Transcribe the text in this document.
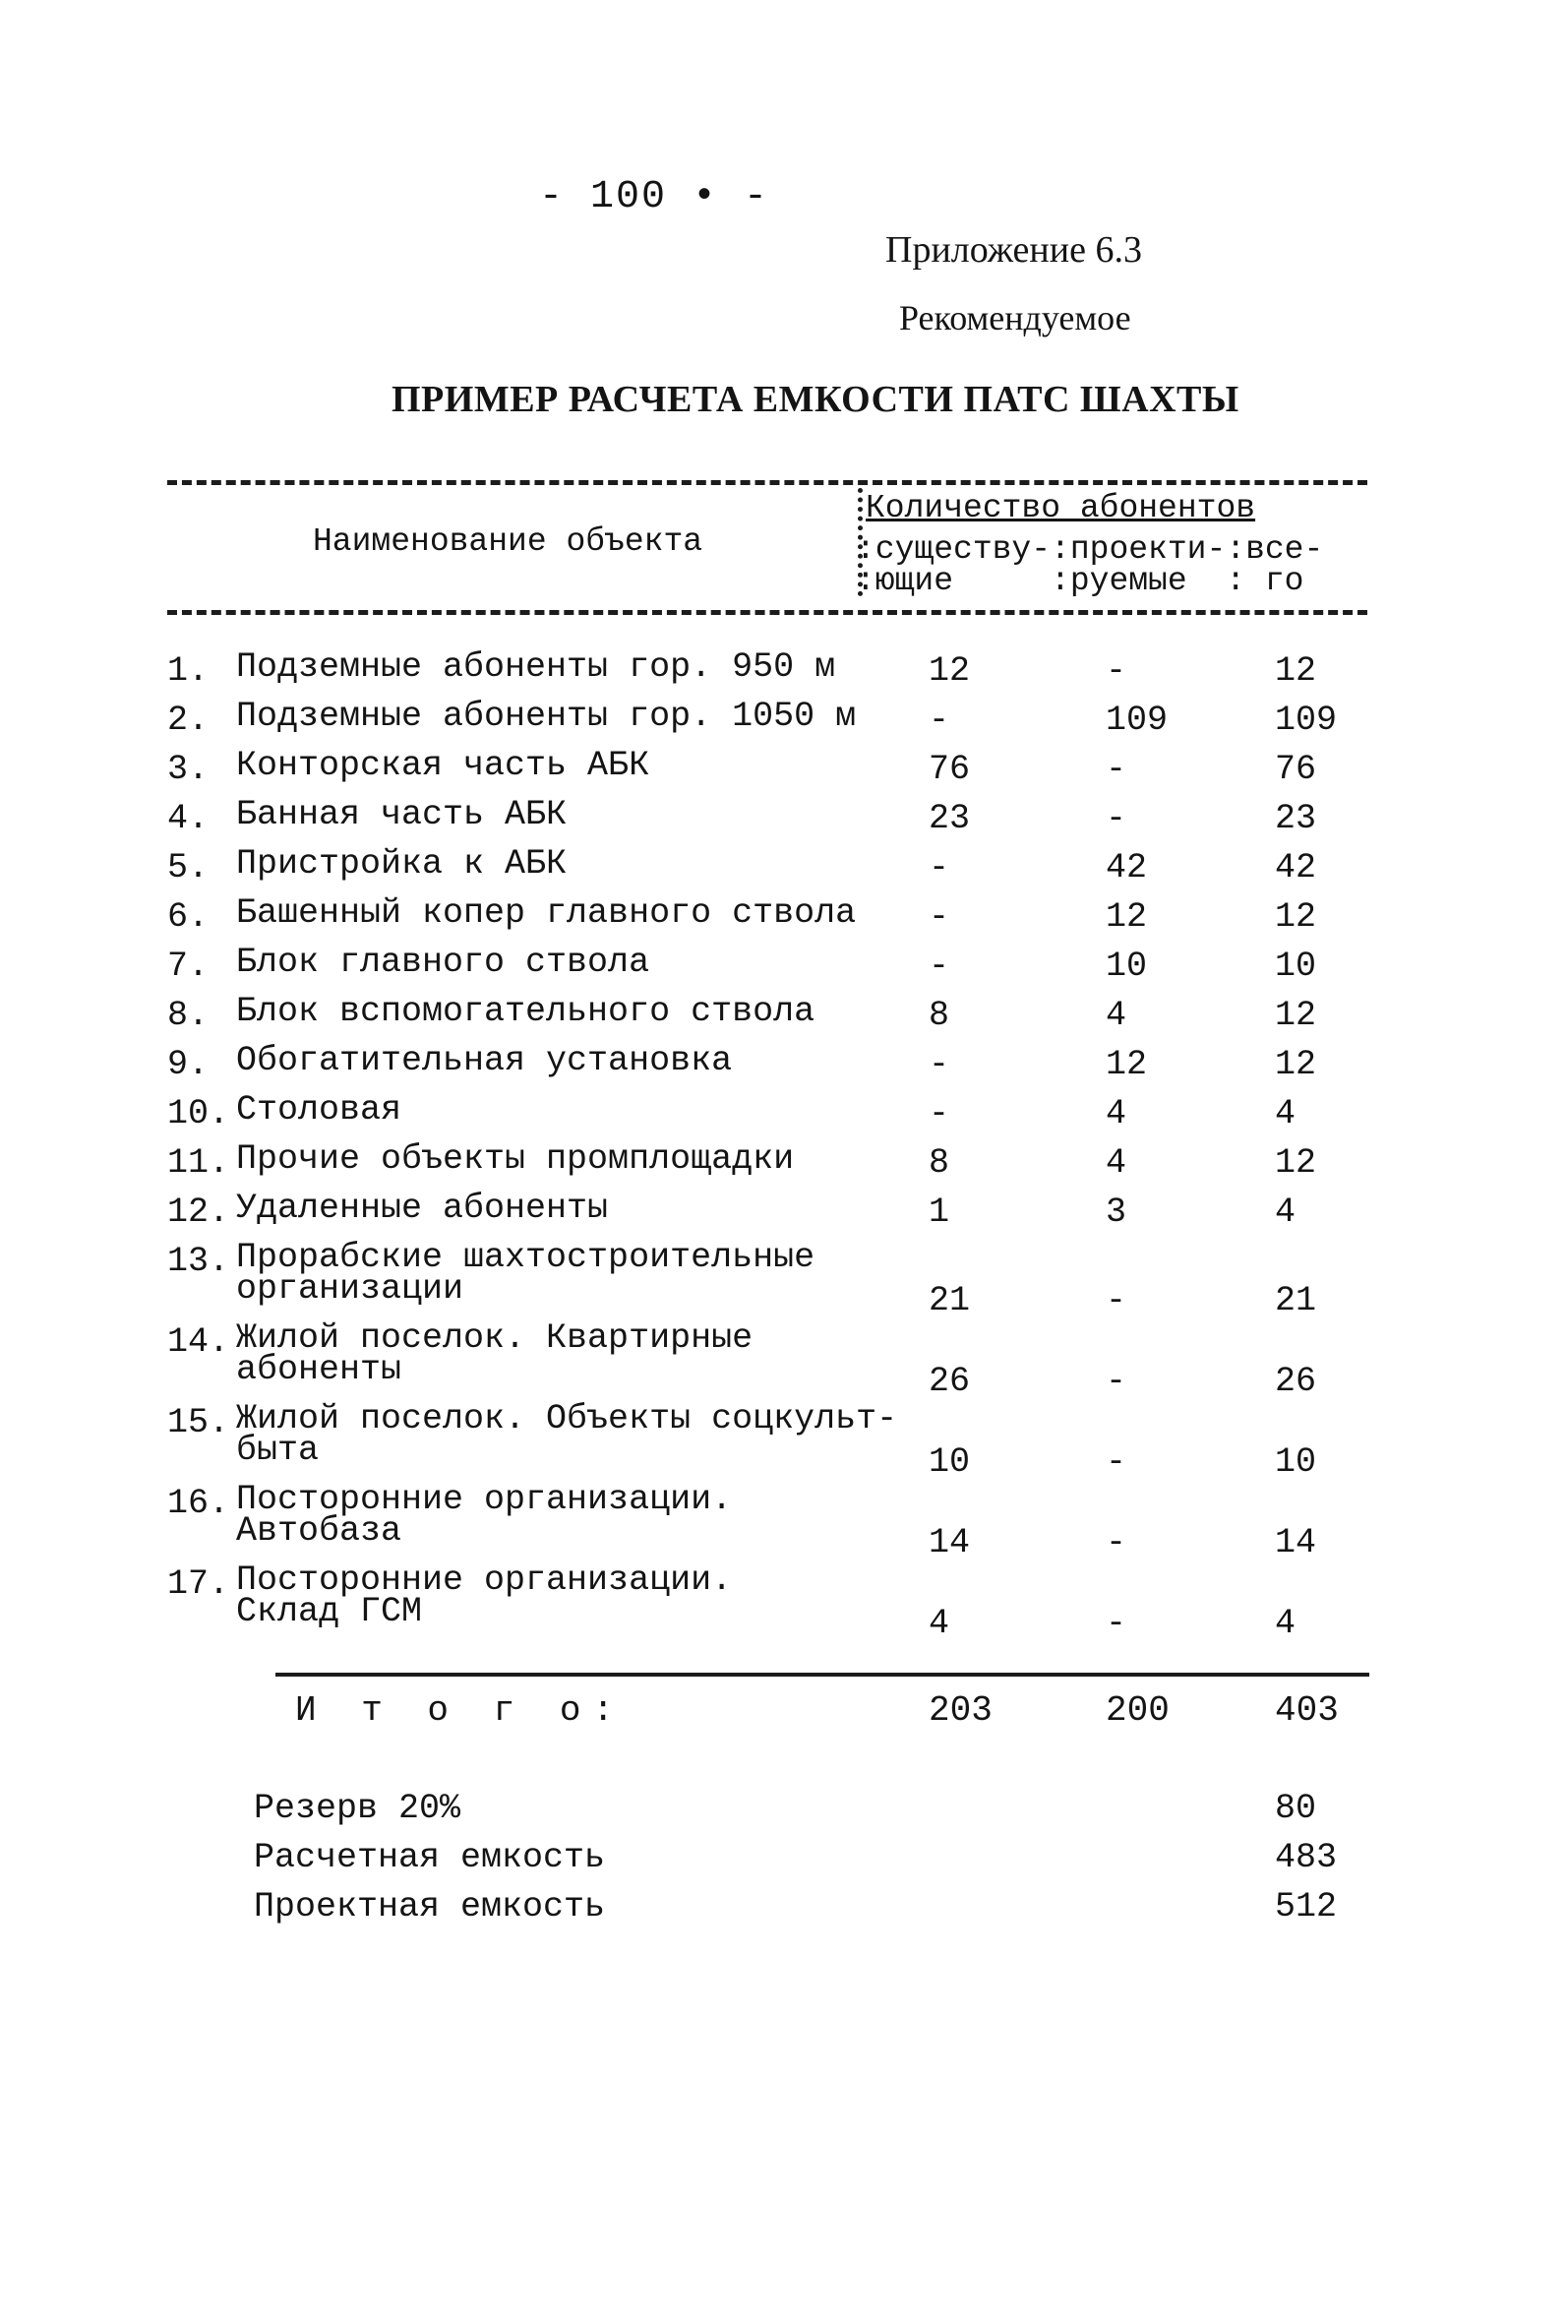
- 100 • -
Приложение 6.3
Рекомендуемое
ПРИМЕР РАСЧЕТА ЕМКОСТИ ПАТС ШАХТЫ
Наименование объекта
Количество абонентов
:существу-:проекти-:все-
:ющие     :руемые  : го
1. Подземные абоненты гор. 950 м	12	-	12
2. Подземные абоненты гор. 1050 м -	109	109
3. Конторская часть АБК	76	-	76
4. Банная часть АБК	23	-	23
5. Пристройка к АБК	-	42	42
6. Башенный копер главного ствола -	12	12
7. Блок главного ствола	-	10	10
8. Блок вспомогательного ствола	8	4	12
9. Обогатительная установка	-	12	12
10. Столовая	-	4	4
11. Прочие объекты промплощадки	8	4	12
12. Удаленные абоненты	1	3	4
13. Прорабские шахтостроительные
организации	21	-	21
14. Жилой поселок. Квартирные
абоненты	26	-	26
15. Жилой поселок. Объекты соцкульт-
быта	10	-	10
16. Посторонние организации.
Автобаза	14	-	14
17. Посторонние организации.
Склад ГСМ	4	-	4
И т о г о:	203	200	403
Резерв 20%	80
Расчетная емкость	483
Проектная емкость	512
